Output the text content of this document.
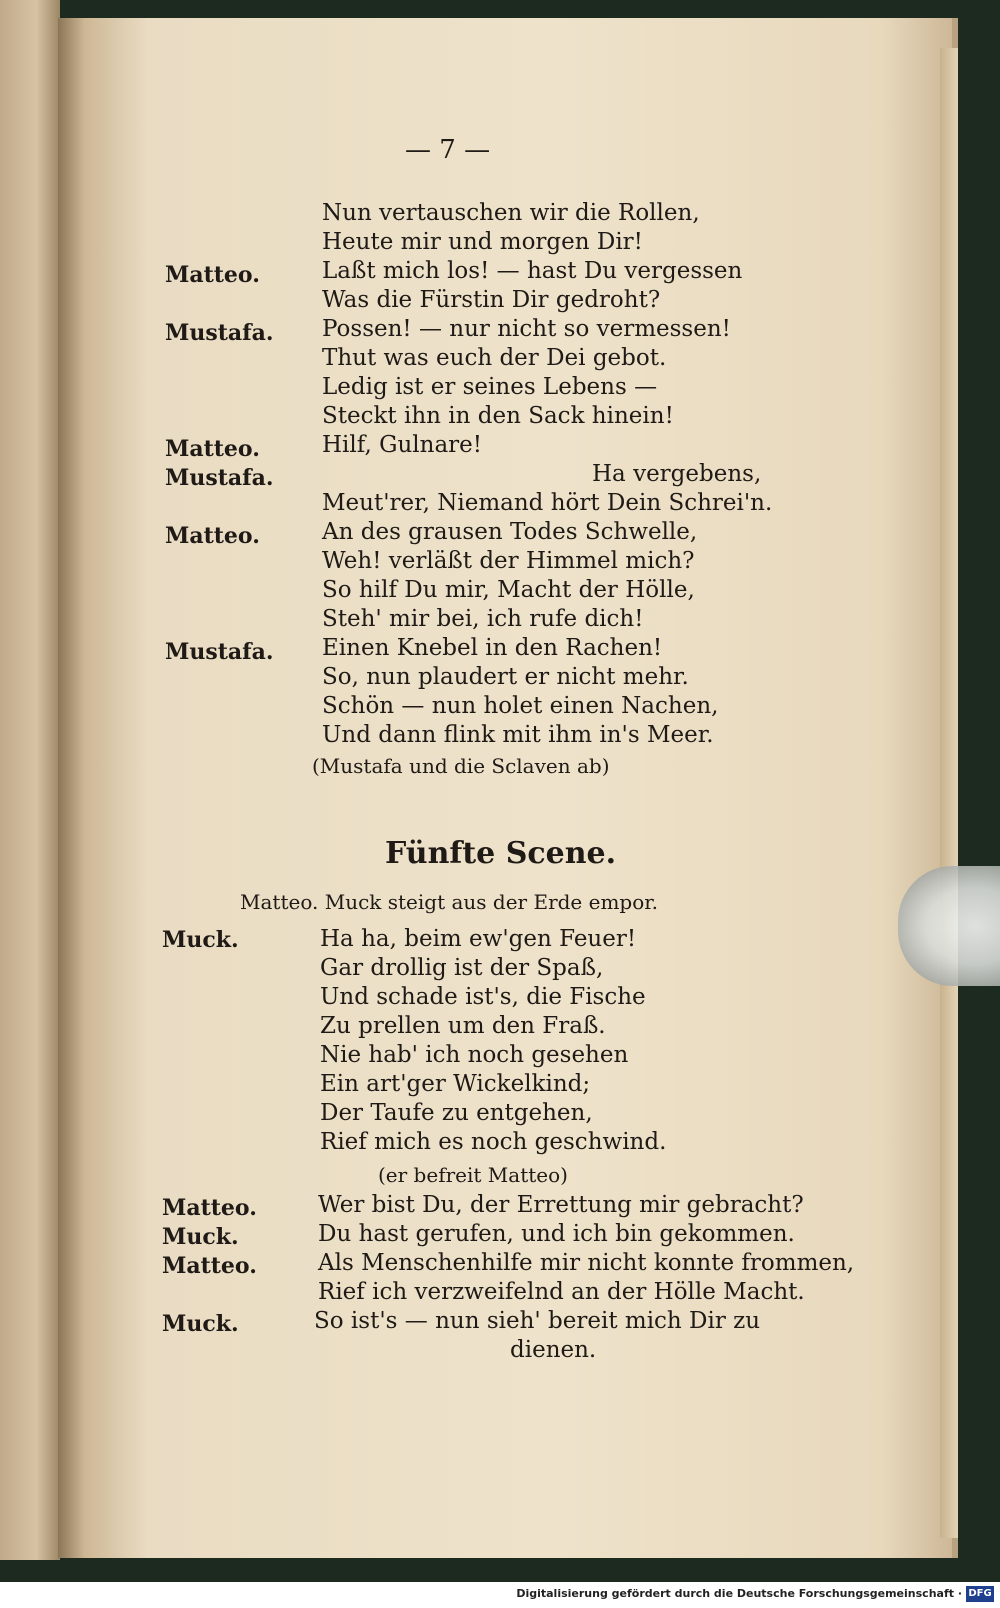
— 7 —
Matteo.
Mustafa.
Matteo.
Mustafa.
Matteo.
Mustafa.
Nun vertauschen wir die Rollen,
Heute mir und morgen Dir!
Laßt mich los! — hast Du vergessen
Was die Fürstin Dir gedroht?
Possen! — nur nicht so vermessen!
Thut was euch der Dei gebot.
Ledig ist er seines Lebens —
Steckt ihn in den Sack hinein!
Hilf, Gulnare!
Ha vergebens,
Meut'rer, Niemand hört Dein Schrei'n.
An des grausen Todes Schwelle,
Weh! verläßt der Himmel mich?
So hilf Du mir, Macht der Hölle,
Steh' mir bei, ich rufe dich!
Einen Knebel in den Rachen!
So, nun plaudert er nicht mehr.
Schön — nun holet einen Nachen,
Und dann flink mit ihm in's Meer.
(Mustafa und die Sclaven ab)
Fünfte Scene.
Matteo. Muck steigt aus der Erde empor.
Muck.
Matteo.
Muck.
Matteo.
Muck.
Ha ha, beim ew'gen Feuer!
Gar drollig ist der Spaß,
Und schade ist's, die Fische
Zu prellen um den Fraß.
Nie hab' ich noch gesehen
Ein art'ger Wickelkind;
Der Taufe zu entgehen,
Rief mich es noch geschwind.
(er befreit Matteo)
Wer bist Du, der Errettung mir gebracht?
Du hast gerufen, und ich bin gekommen.
Als Menschenhilfe mir nicht konnte frommen,
Rief ich verzweifelnd an der Hölle Macht.
So ist's — nun sieh' bereit mich Dir zu
dienen.
Digitalisierung gefördert durch die Deutsche Forschungsgemeinschaft · DFG
